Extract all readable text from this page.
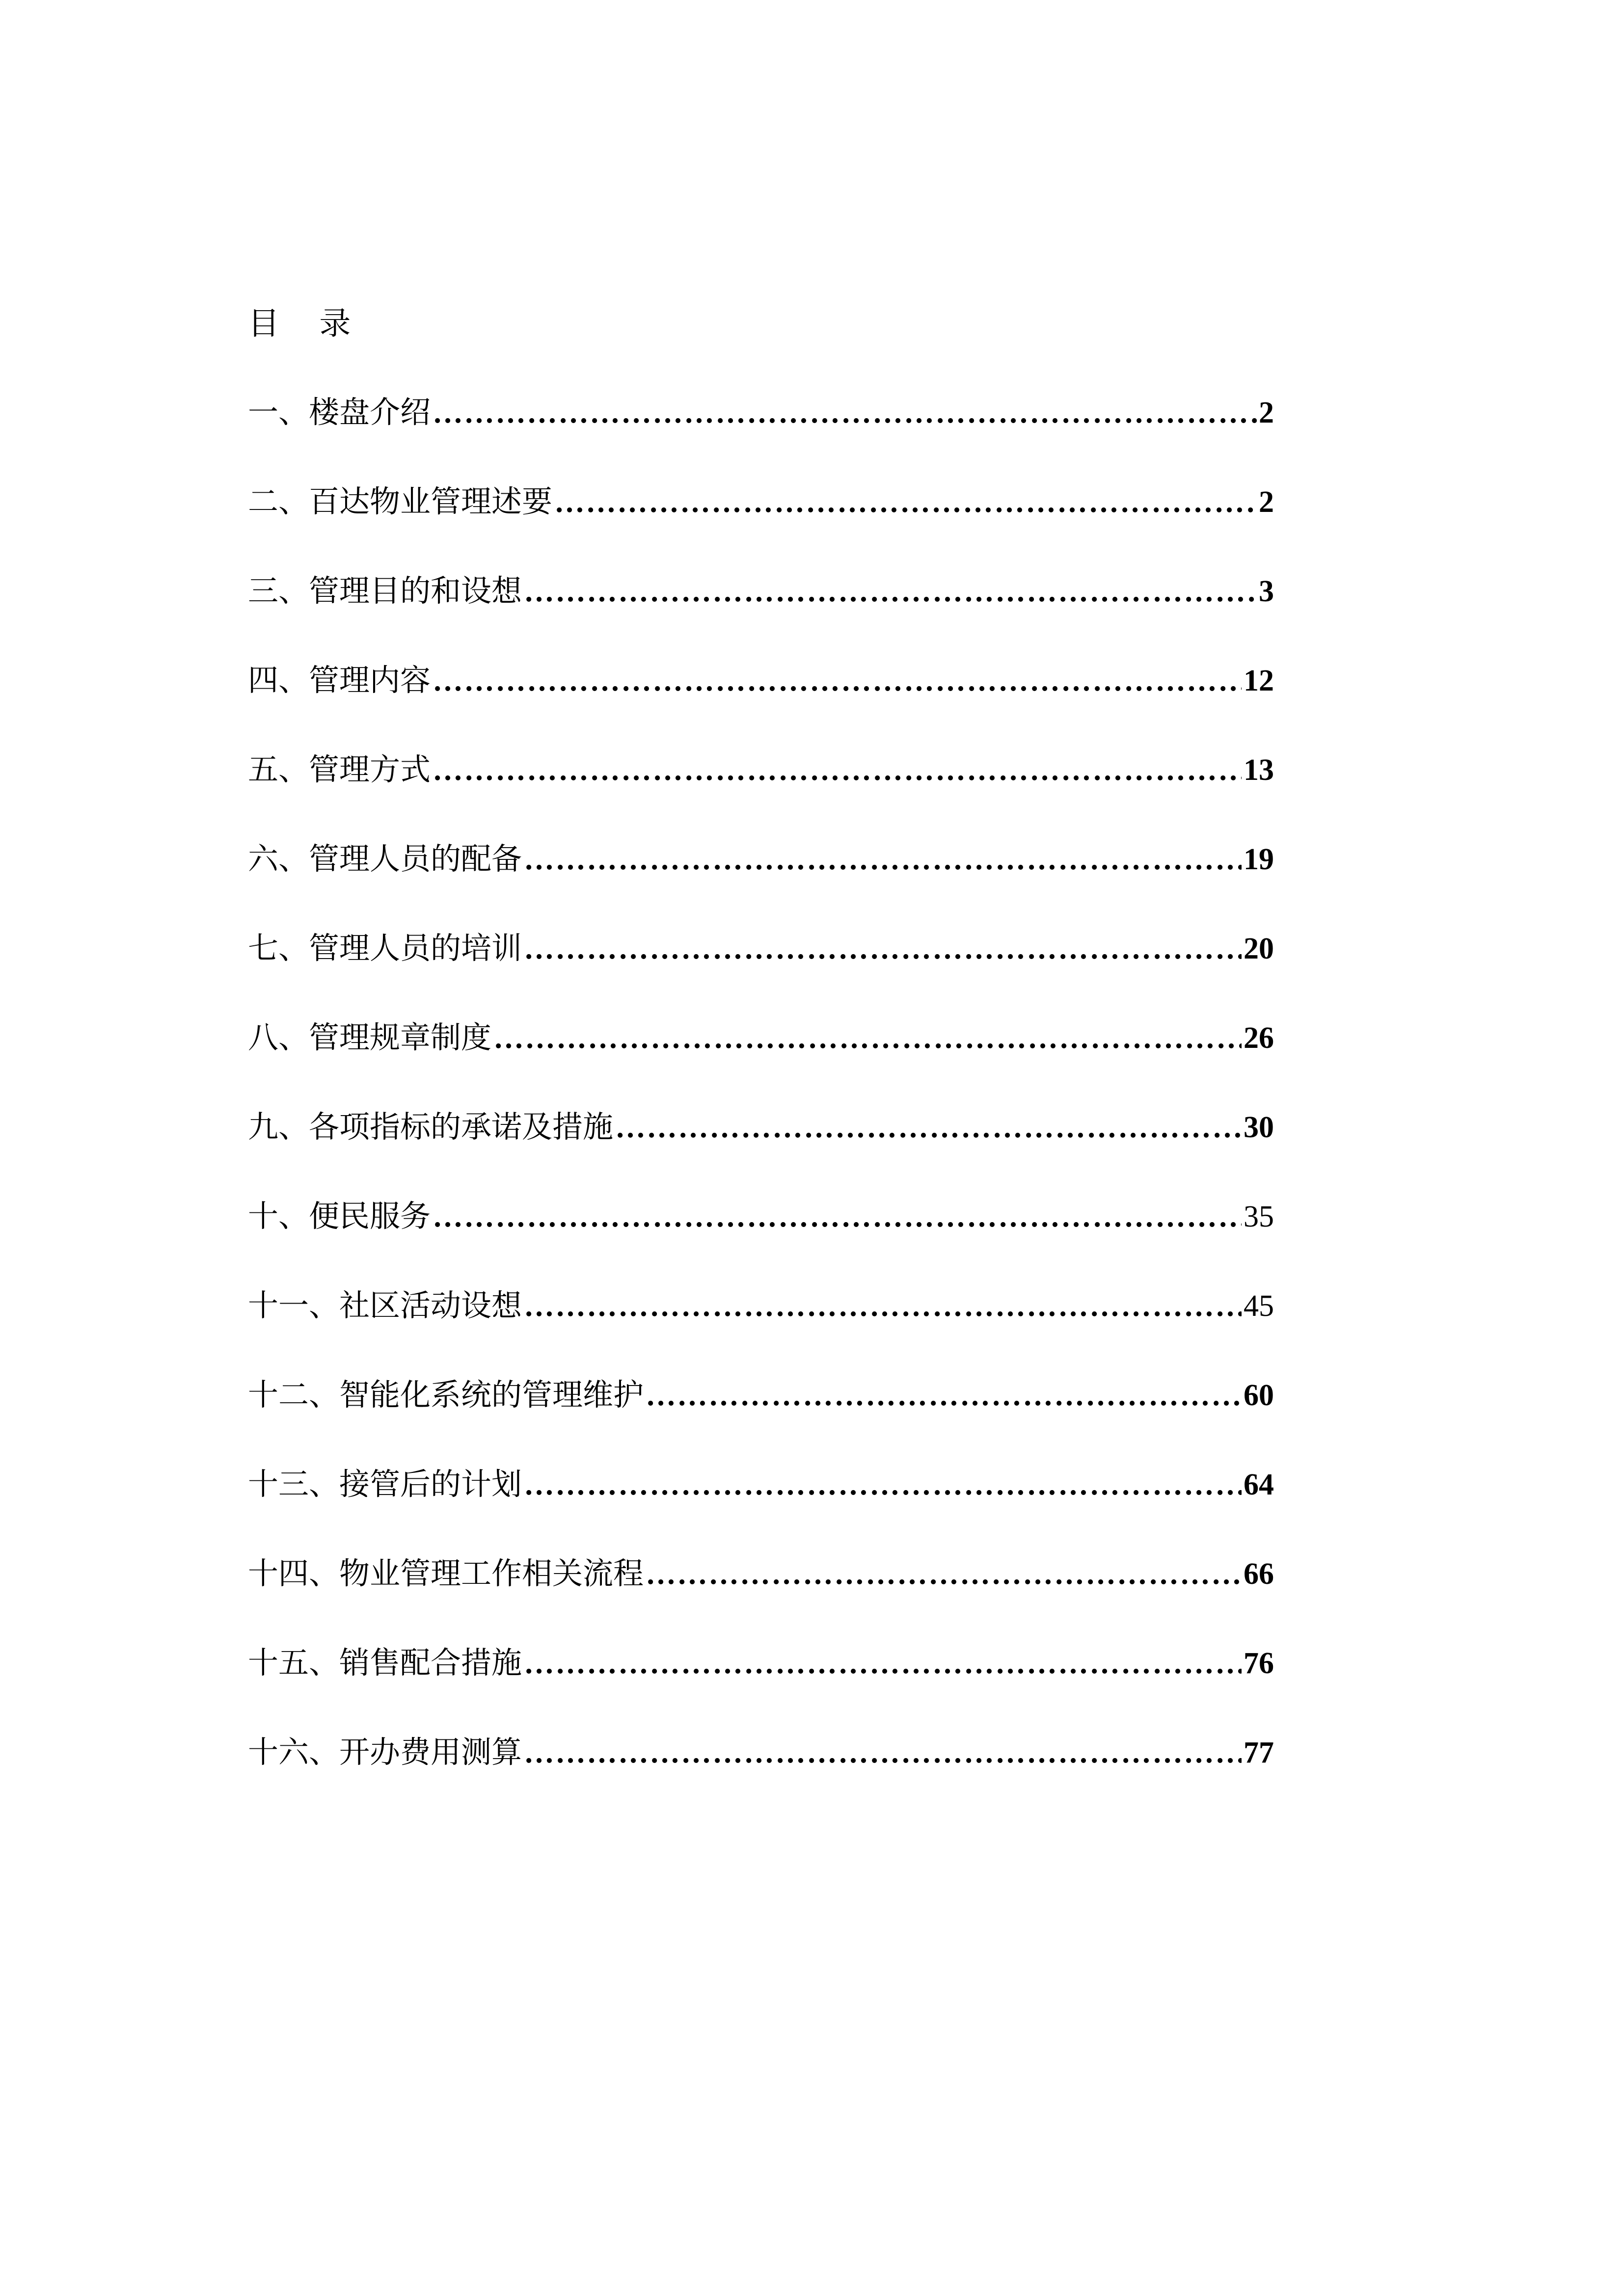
目    录
一、楼盘介绍 ………………………………………………………………………………………………………………………………………………………………………………………………………………………………………………	2
二、百达物业管理述要 ………………………………………………………………………………………………………………………………………………………………………………………………………………………………………………	2
三、管理目的和设想 ………………………………………………………………………………………………………………………………………………………………………………………………………………………………………………	3
四、管理内容 ………………………………………………………………………………………………………………………………………………………………………………………………………………………………………………	12
五、管理方式 ………………………………………………………………………………………………………………………………………………………………………………………………………………………………………………	13
六、管理人员的配备 ………………………………………………………………………………………………………………………………………………………………………………………………………………………………………………	19
七、管理人员的培训 ………………………………………………………………………………………………………………………………………………………………………………………………………………………………………………	20
八、管理规章制度 ………………………………………………………………………………………………………………………………………………………………………………………………………………………………………………	26
九、各项指标的承诺及措施 ………………………………………………………………………………………………………………………………………………………………………………………………………………………………………………	30
十、便民服务 ………………………………………………………………………………………………………………………………………………………………………………………………………………………………………………	35
十一、社区活动设想 ………………………………………………………………………………………………………………………………………………………………………………………………………………………………………………	45
十二、智能化系统的管理维护 ………………………………………………………………………………………………………………………………………………………………………………………………………………………………………………	60
十三、接管后的计划 ………………………………………………………………………………………………………………………………………………………………………………………………………………………………………………	64
十四、物业管理工作相关流程 ………………………………………………………………………………………………………………………………………………………………………………………………………………………………………………	66
十五、销售配合措施 ………………………………………………………………………………………………………………………………………………………………………………………………………………………………………………	76
十六、开办费用测算 ………………………………………………………………………………………………………………………………………………………………………………………………………………………………………………	77
